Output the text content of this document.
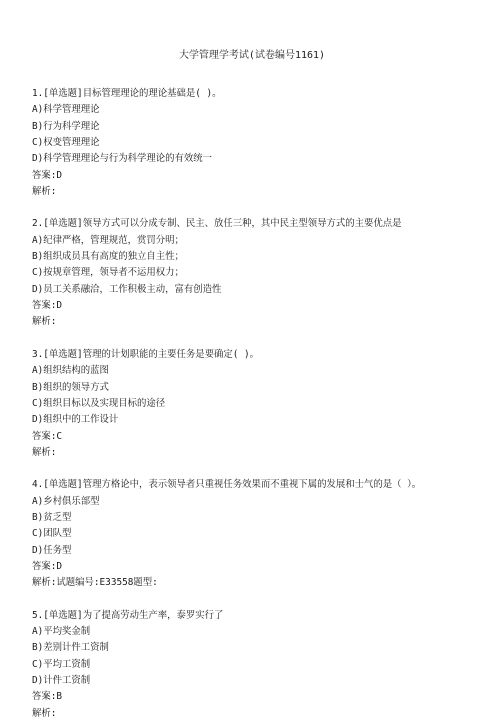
大学管理学考试(试卷编号1161)
1.[单选题]目标管理理论的理论基础是( )。
A)科学管理理论
B)行为科学理论
C)权变管理理论
D)科学管理理论与行为科学理论的有效统一
答案:D
解析:
2.[单选题]领导方式可以分成专制、民主、放任三种，其中民主型领导方式的主要优点是
A)纪律严格，管理规范，赏罚分明；
B)组织成员具有高度的独立自主性；
C)按规章管理，领导者不运用权力；
D)员工关系融洽，工作积极主动，富有创造性
答案:D
解析:
3.[单选题]管理的计划职能的主要任务是要确定( )。
A)组织结构的蓝图
B)组织的领导方式
C)组织目标以及实现目标的途径
D)组织中的工作设计
答案:C
解析:
4.[单选题]管理方格论中，表示领导者只重视任务效果而不重视下属的发展和士气的是（ ）。
A)乡村俱乐部型
B)贫乏型
C)团队型
D)任务型
答案:D
解析:试题编号:E33558题型:
5.[单选题]为了提高劳动生产率，泰罗实行了
A)平均奖金制
B)差别计件工资制
C)平均工资制
D)计件工资制
答案:B
解析:
